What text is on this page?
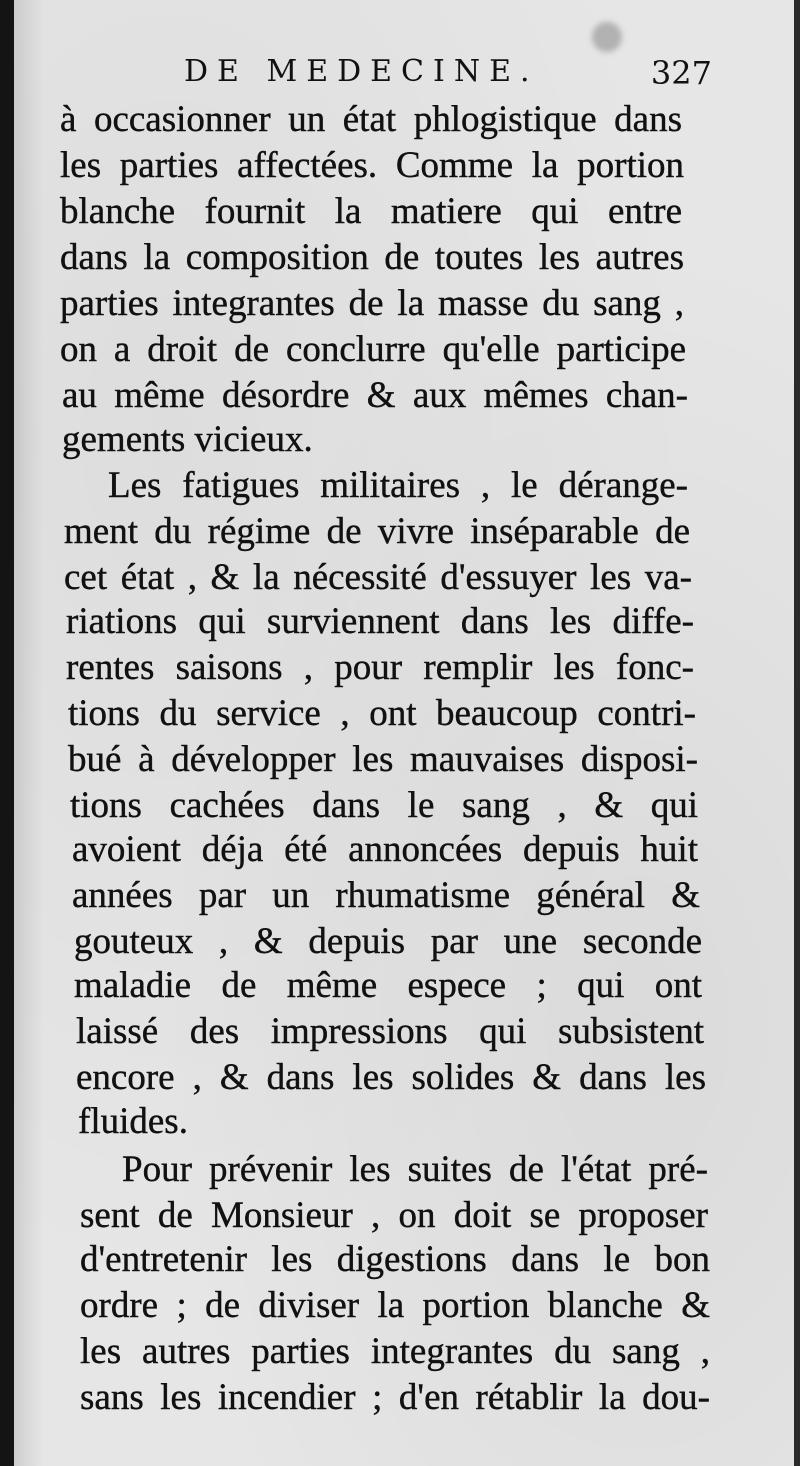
DE MEDECINE.	327
à occasionner un état phlogistique dans
les parties affectées. Comme la portion
blanche fournit la matiere qui entre
dans la composition de toutes les autres
parties integrantes de la masse du sang ,
on a droit de conclurre qu'elle participe
au même désordre & aux mêmes chan-
gements vicieux.
Les fatigues militaires , le dérange-
ment du régime de vivre inséparable de
cet état , & la nécessité d'essuyer les va-
riations qui surviennent dans les diffe-
rentes saisons , pour remplir les fonc-
tions du service , ont beaucoup contri-
bué à développer les mauvaises disposi-
tions cachées dans le sang , & qui
avoient déja été annoncées depuis huit
années par un rhumatisme général &
gouteux , & depuis par une seconde
maladie de même espece ; qui ont
laissé des impressions qui subsistent
encore , & dans les solides & dans les
fluides.
Pour prévenir les suites de l'état pré-
sent de Monsieur , on doit se proposer
d'entretenir les digestions dans le bon
ordre ; de diviser la portion blanche &
les autres parties integrantes du sang ,
sans les incendier ; d'en rétablir la dou-
